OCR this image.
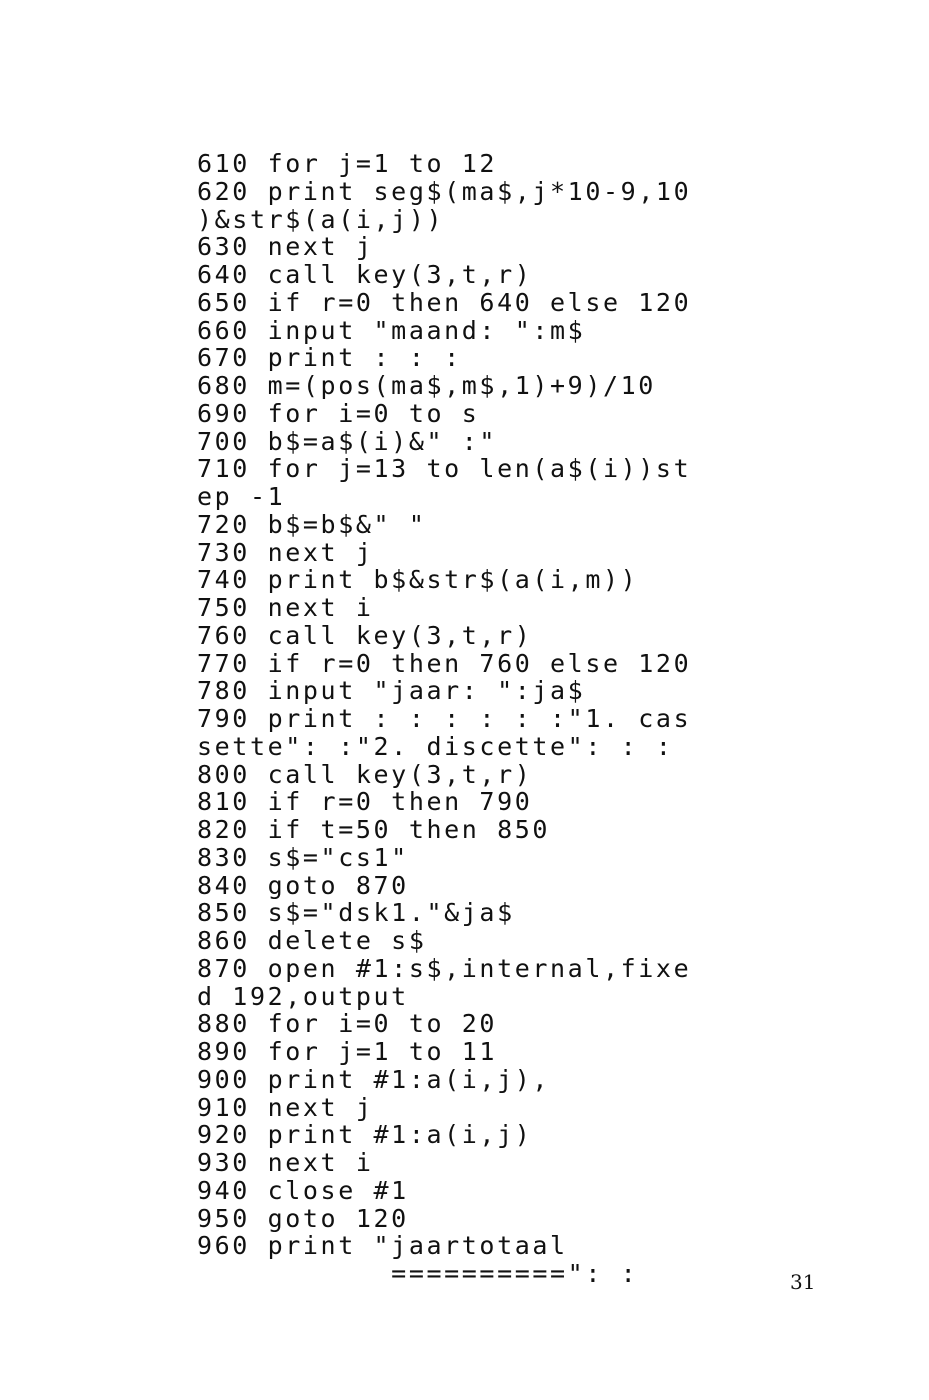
610 for j=1 to 12
620 print seg$(ma$,j*10-9,10
)&str$(a(i,j))
630 next j
640 call key(3,t,r)
650 if r=0 then 640 else 120
660 input "maand: ":m$
670 print : : :
680 m=(pos(ma$,m$,1)+9)/10
690 for i=0 to s
700 b$=a$(i)&" :"
710 for j=13 to len(a$(i))st
ep -1
720 b$=b$&" "
730 next j
740 print b$&str$(a(i,m))
750 next i
760 call key(3,t,r)
770 if r=0 then 760 else 120
780 input "jaar: ":ja$
790 print : : : : : :"1. cas
sette": :"2. discette": : :
800 call key(3,t,r)
810 if r=0 then 790
820 if t=50 then 850
830 s$="cs1"
840 goto 870
850 s$="dsk1."&ja$
860 delete s$
870 open #1:s$,internal,fixe
d 192,output
880 for i=0 to 20
890 for j=1 to 11
900 print #1:a(i,j),
910 next j
920 print #1:a(i,j)
930 next i
940 close #1
950 goto 120
960 print "jaartotaal
==========": :	31
